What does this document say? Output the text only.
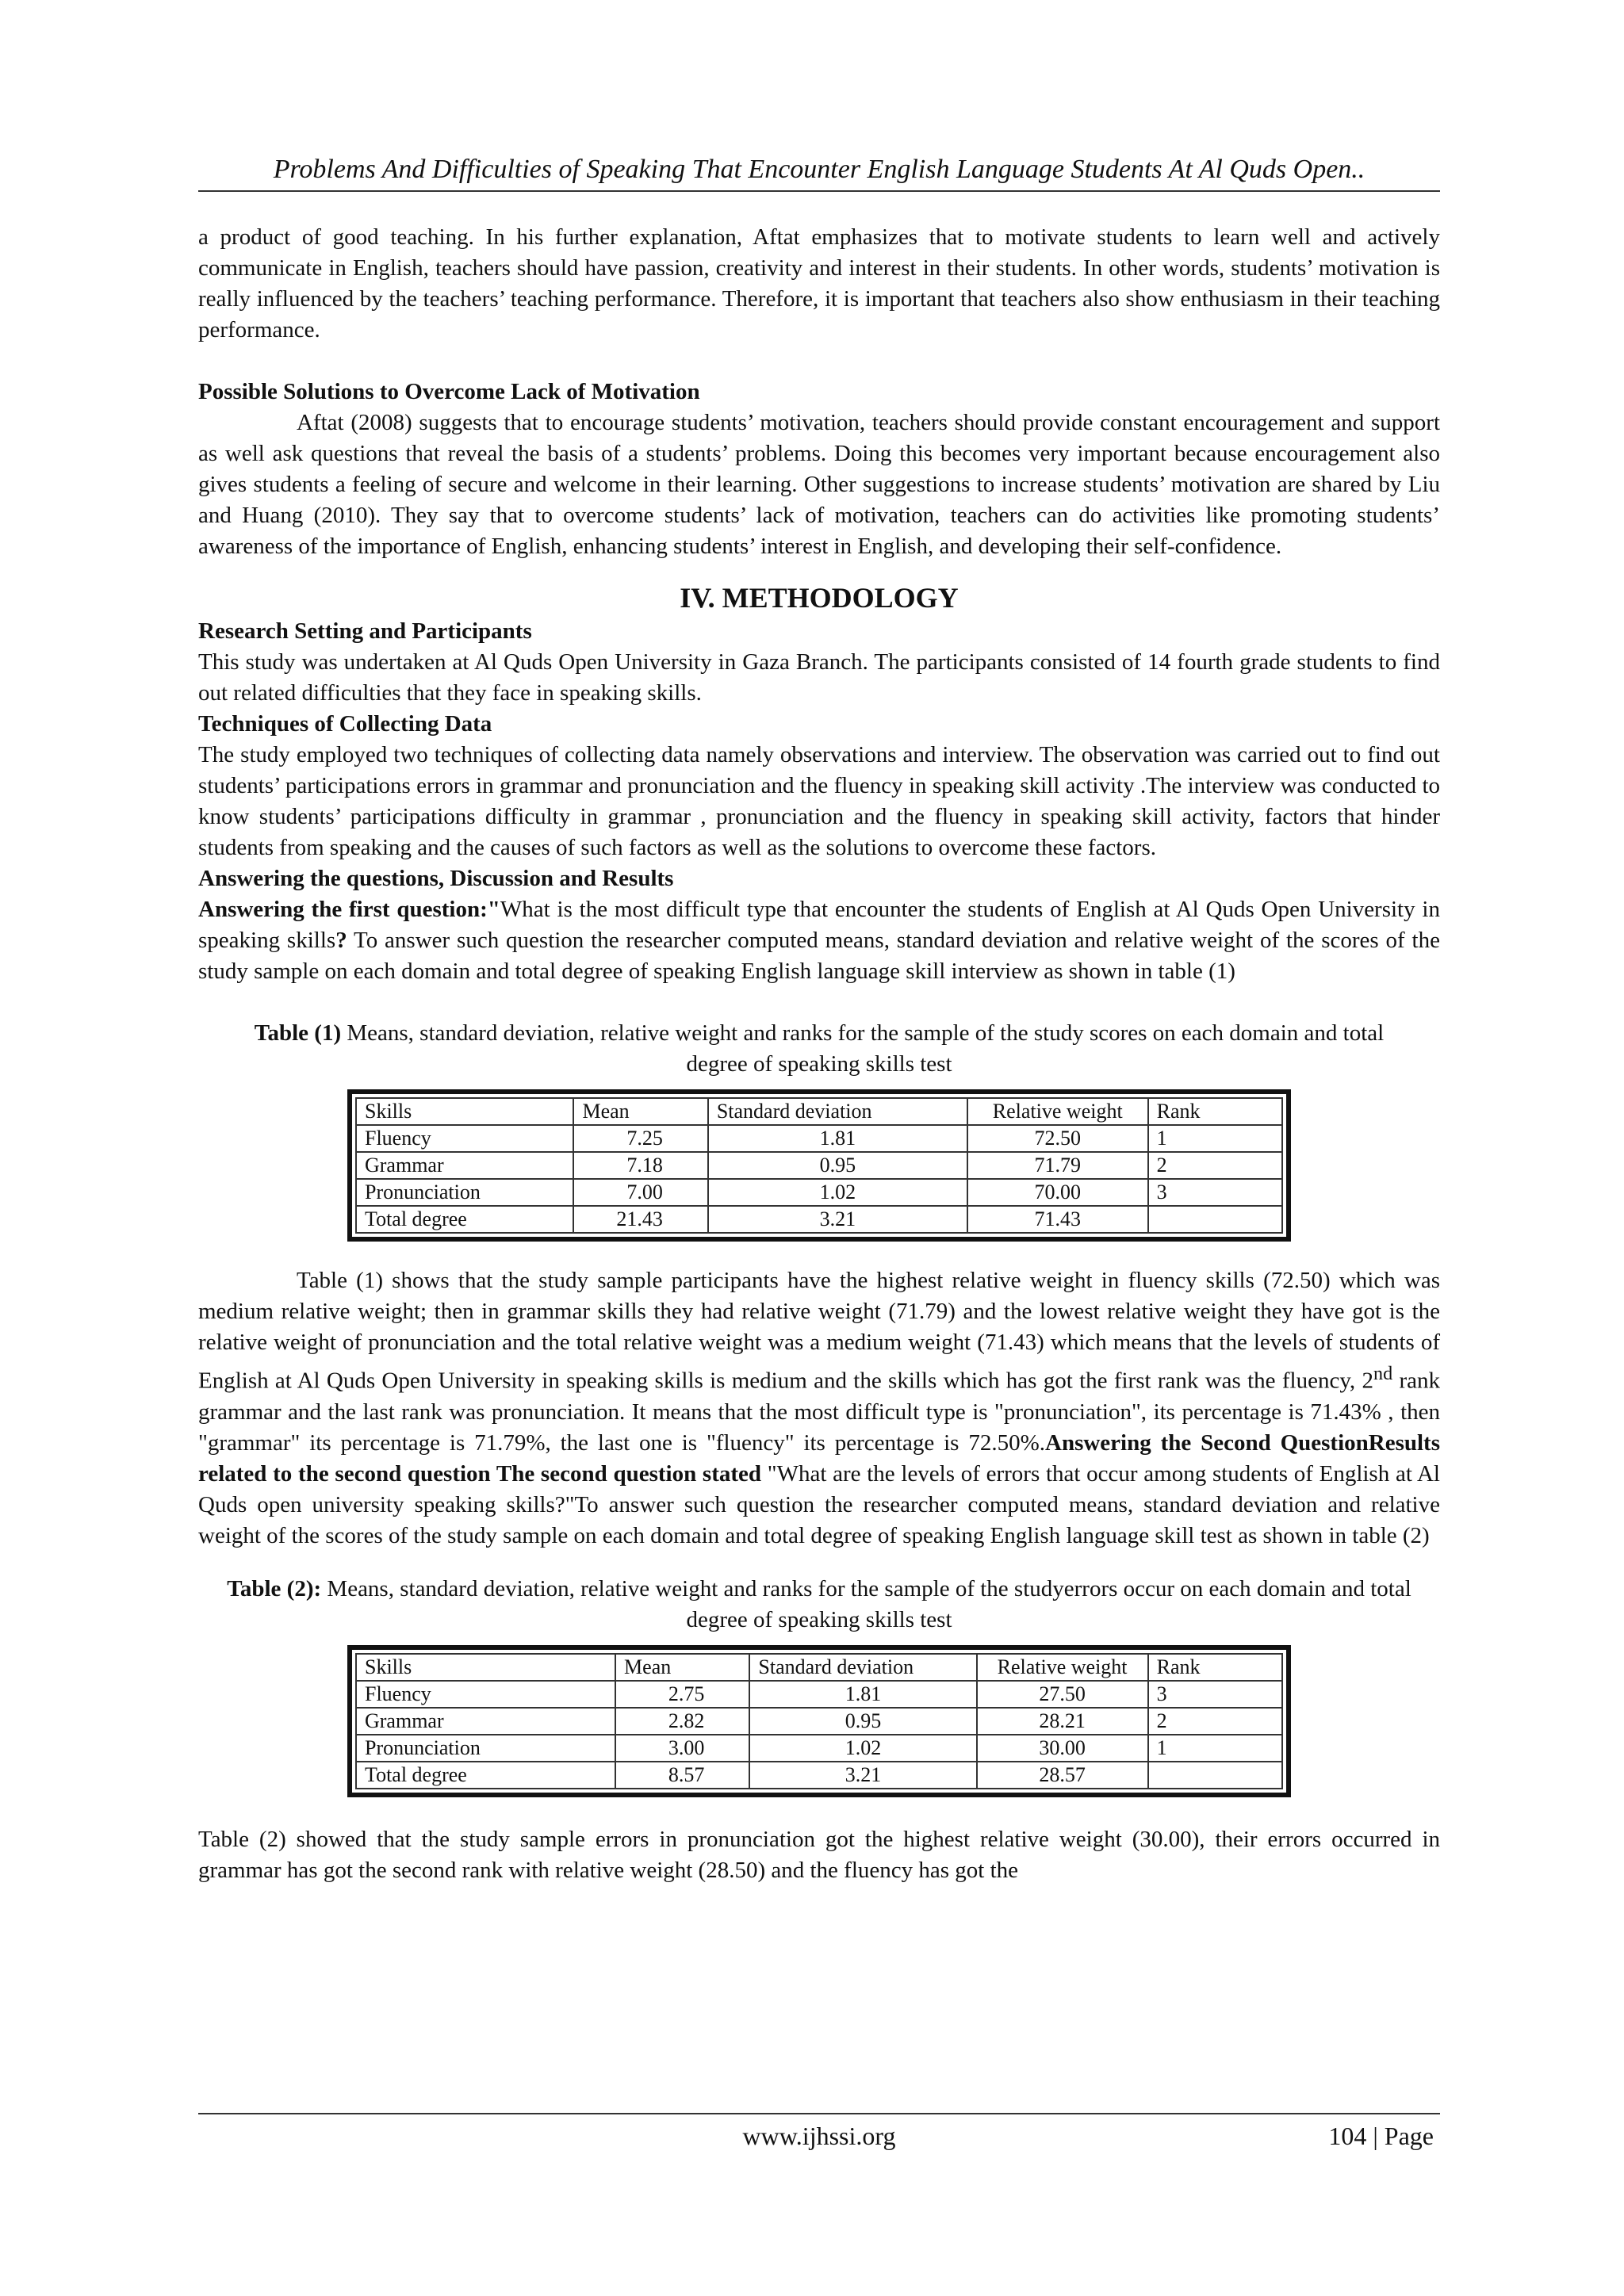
Problems And Difficulties of Speaking That Encounter English Language Students At Al Quds Open..

a product of good teaching. In his further explanation, Aftat emphasizes that to motivate students to learn well and actively communicate in English, teachers should have passion, creativity and interest in their students. In other words, students’ motivation is really influenced by the teachers’ teaching performance. Therefore, it is important that teachers also show enthusiasm in their teaching performance.

Possible Solutions to Overcome Lack of Motivation

Aftat (2008) suggests that to encourage students’ motivation, teachers should provide constant encouragement and support as well ask questions that reveal the basis of a students’ problems. Doing this becomes very important because encouragement also gives students a feeling of secure and welcome in their learning. Other suggestions to increase students’ motivation are shared by Liu and Huang (2010). They say that to overcome students’ lack of motivation, teachers can do activities like promoting students’ awareness of the importance of English, enhancing students’ interest in English, and developing their self-confidence.

IV. METHODOLOGY

Research Setting and Participants

This study was undertaken at Al Quds Open University in Gaza Branch. The participants consisted of 14 fourth grade students to find out related difficulties that they face in speaking skills.

Techniques of Collecting Data

The study employed two techniques of collecting data namely observations and interview. The observation was carried out to find out students’ participations errors in grammar and pronunciation and the fluency in speaking skill activity .The interview was conducted to know students’ participations difficulty in grammar , pronunciation and the fluency in speaking skill activity, factors that hinder students from speaking and the causes of such factors as well as the solutions to overcome these factors.

Answering the questions, Discussion and Results

Answering the first question:"What is the most difficult type that encounter the students of English at Al Quds Open University in speaking skills? To answer such question the researcher computed means, standard deviation and relative weight of the scores of the study sample on each domain and total degree of speaking English language skill interview as shown in table (1)

Table (1) Means, standard deviation, relative weight and ranks for the sample of the study scores on each domain and total degree of speaking skills test

Skills	Mean	Standard deviation	Relative weight	Rank
Fluency	7.25	1.81	72.50	1
Grammar	7.18	0.95	71.79	2
Pronunciation	7.00	1.02	70.00	3
Total degree	21.43	3.21	71.43	

Table (1) shows that the study sample participants have the highest relative weight in fluency skills (72.50) which was medium relative weight; then in grammar skills they had relative weight (71.79) and the lowest relative weight they have got is the relative weight of pronunciation and the total relative weight was a medium weight (71.43) which means that the levels of students of English at Al Quds Open University in speaking skills is medium and the skills which has got the first rank was the fluency, 2nd rank grammar and the last rank was pronunciation. It means that the most difficult type is "pronunciation", its percentage is 71.43% , then "grammar" its percentage is 71.79%, the last one is "fluency" its percentage is 72.50%.Answering the Second QuestionResults related to the second question The second question stated "What are the levels of errors that occur among students of English at Al Quds open university speaking skills?"To answer such question the researcher computed means, standard deviation and relative weight of the scores of the study sample on each domain and total degree of speaking English language skill test as shown in table (2)

Table (2): Means, standard deviation, relative weight and ranks for the sample of the studyerrors occur on each domain and total degree of speaking skills test

Skills	Mean	Standard deviation	Relative weight	Rank
Fluency	2.75	1.81	27.50	3
Grammar	2.82	0.95	28.21	2
Pronunciation	3.00	1.02	30.00	1
Total degree	8.57	3.21	28.57	

Table (2) showed that the study sample errors in pronunciation got the highest relative weight (30.00), their errors occurred in grammar has got the second rank with relative weight (28.50) and the fluency has got the

www.ijhssi.org	104 | Page
